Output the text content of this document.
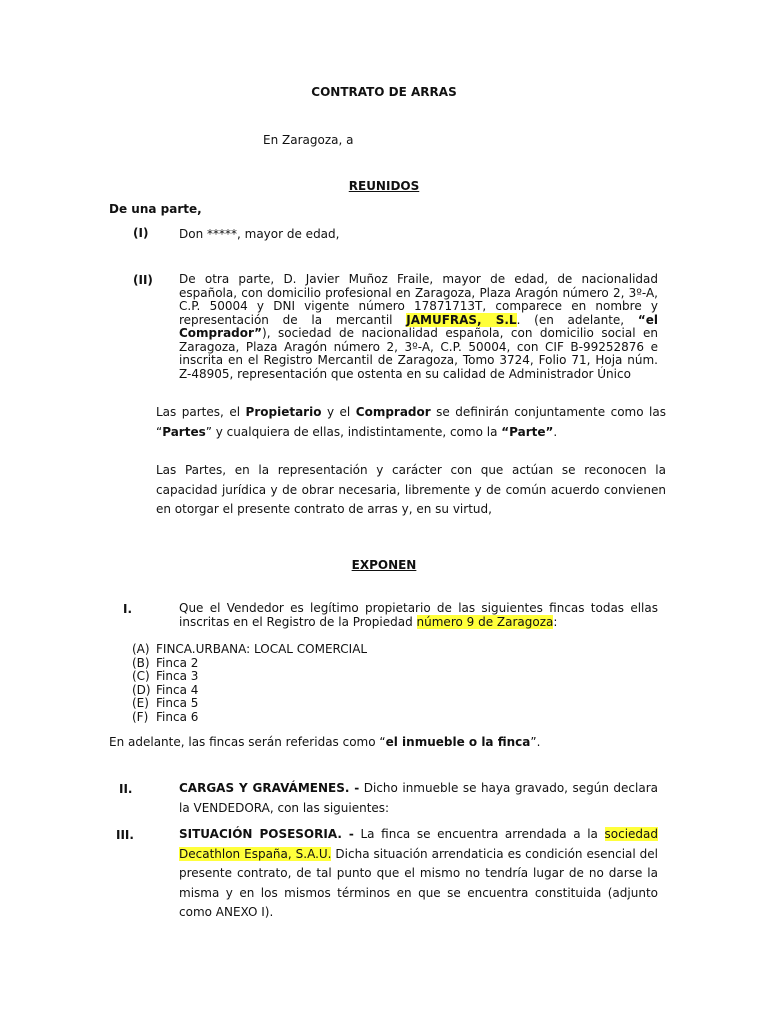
CONTRATO DE ARRAS
En Zaragoza, a
REUNIDOS
De una parte,
(I)	Don *****, mayor de edad,
(II) De otra parte, D. Javier Muñoz Fraile, mayor de edad, de nacionalidad española, con domicilio profesional en Zaragoza, Plaza Aragón número 2, 3º-A, C.P. 50004 y DNI vigente número 17871713T, comparece en nombre y representación de la mercantil JAMUFRAS, S.L. (en adelante, “el Comprador”), sociedad de nacionalidad española, con domicilio social en Zaragoza, Plaza Aragón número 2, 3º-A, C.P. 50004, con CIF B-99252876 e inscrita en el Registro Mercantil de Zaragoza, Tomo 3724, Folio 71, Hoja núm. Z-48905, representación que ostenta en su calidad de Administrador Único
Las partes, el Propietario y el Comprador se definirán conjuntamente como las “Partes” y cualquiera de ellas, indistintamente, como la “Parte”.
Las Partes, en la representación y carácter con que actúan se reconocen la capacidad jurídica y de obrar necesaria, libremente y de común acuerdo convienen en otorgar el presente contrato de arras y, en su virtud,
EXPONEN
I.	Que el Vendedor es legítimo propietario de las siguientes fincas todas ellas inscritas en el Registro de la Propiedad número 9 de Zaragoza:
(A) FINCA.URBANA: LOCAL COMERCIAL
(B) Finca 2
(C) Finca 3
(D) Finca 4
(E) Finca 5
(F) Finca 6
En adelante, las fincas serán referidas como “el inmueble o la finca”.
II.	CARGAS Y GRAVÁMENES. - Dicho inmueble se haya gravado, según declara la VENDEDORA, con las siguientes:
III.	SITUACIÓN POSESORIA. - La finca se encuentra arrendada a la sociedad Decathlon España, S.A.U. Dicha situación arrendaticia es condición esencial del presente contrato, de tal punto que el mismo no tendría lugar de no darse la misma y en los mismos términos en que se encuentra constituida (adjunto como ANEXO I).
